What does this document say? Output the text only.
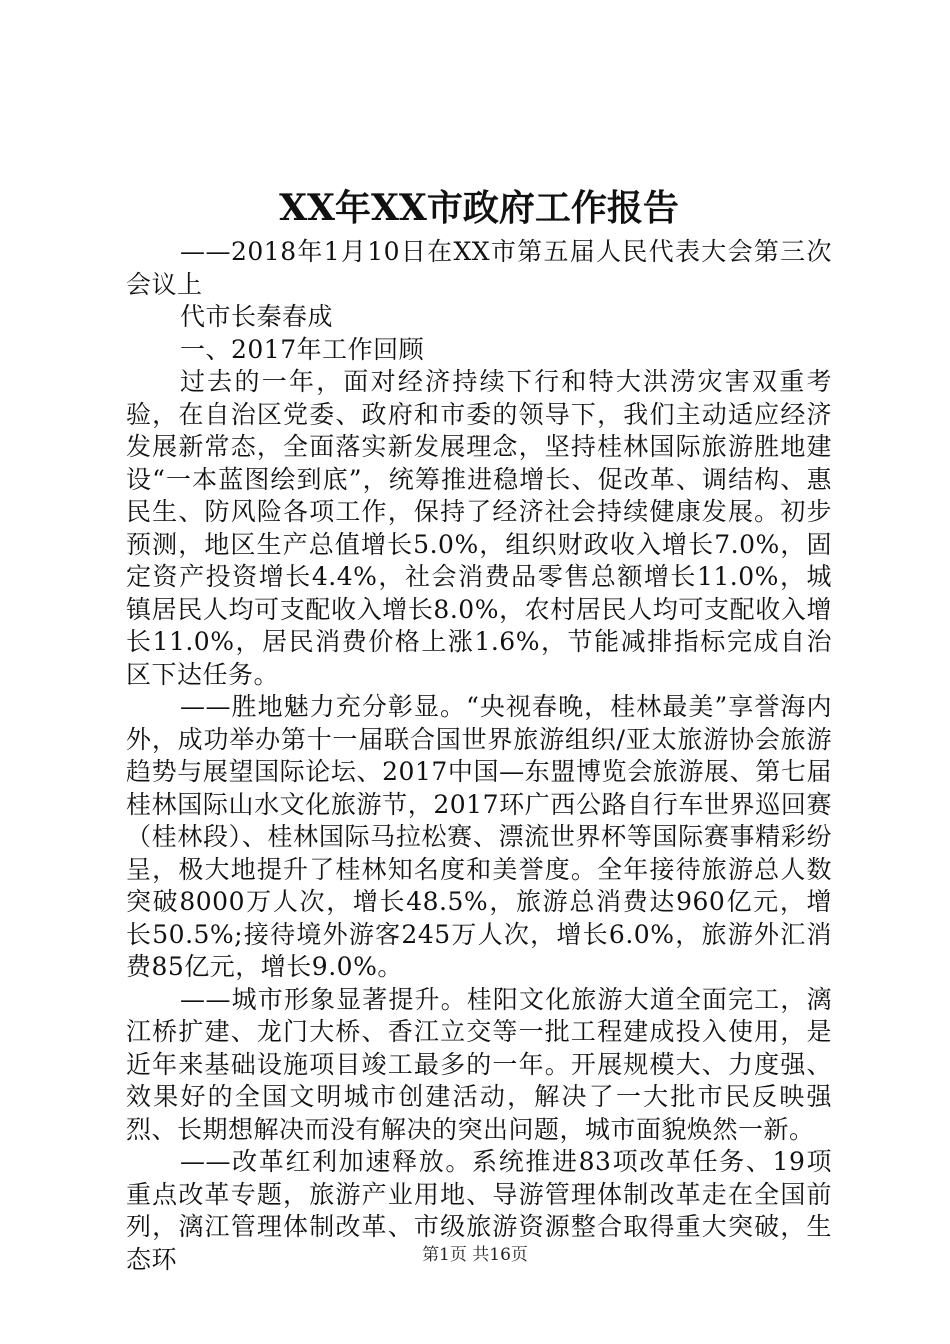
XX年XX市政府工作报告

——2018年1月10日在XX市第五届人民代表大会第三次会议上

代市长秦春成

一、2017年工作回顾

过去的一年，面对经济持续下行和特大洪涝灾害双重考验，在自治区党委、政府和市委的领导下，我们主动适应经济发展新常态，全面落实新发展理念，坚持桂林国际旅游胜地建设“一本蓝图绘到底”，统筹推进稳增长、促改革、调结构、惠民生、防风险各项工作，保持了经济社会持续健康发展。初步预测，地区生产总值增长5.0%，组织财政收入增长7.0%，固定资产投资增长4.4%，社会消费品零售总额增长11.0%，城镇居民人均可支配收入增长8.0%，农村居民人均可支配收入增长11.0%，居民消费价格上涨1.6%，节能减排指标完成自治区下达任务。

——胜地魅力充分彰显。“央视春晚，桂林最美”享誉海内外，成功举办第十一届联合国世界旅游组织/亚太旅游协会旅游趋势与展望国际论坛、2017中国—东盟博览会旅游展、第七届桂林国际山水文化旅游节，2017环广西公路自行车世界巡回赛（桂林段）、桂林国际马拉松赛、漂流世界杯等国际赛事精彩纷呈，极大地提升了桂林知名度和美誉度。全年接待旅游总人数突破8000万人次，增长48.5%，旅游总消费达960亿元，增长50.5%;接待境外游客245万人次，增长6.0%，旅游外汇消费85亿元，增长9.0%。

——城市形象显著提升。桂阳文化旅游大道全面完工，漓江桥扩建、龙门大桥、香江立交等一批工程建成投入使用，是近年来基础设施项目竣工最多的一年。开展规模大、力度强、效果好的全国文明城市创建活动，解决了一大批市民反映强烈、长期想解决而没有解决的突出问题，城市面貌焕然一新。

——改革红利加速释放。系统推进83项改革任务、19项重点改革专题，旅游产业用地、导游管理体制改革走在全国前列，漓江管理体制改革、市级旅游资源整合取得重大突破，生态环	第1页 共16页
